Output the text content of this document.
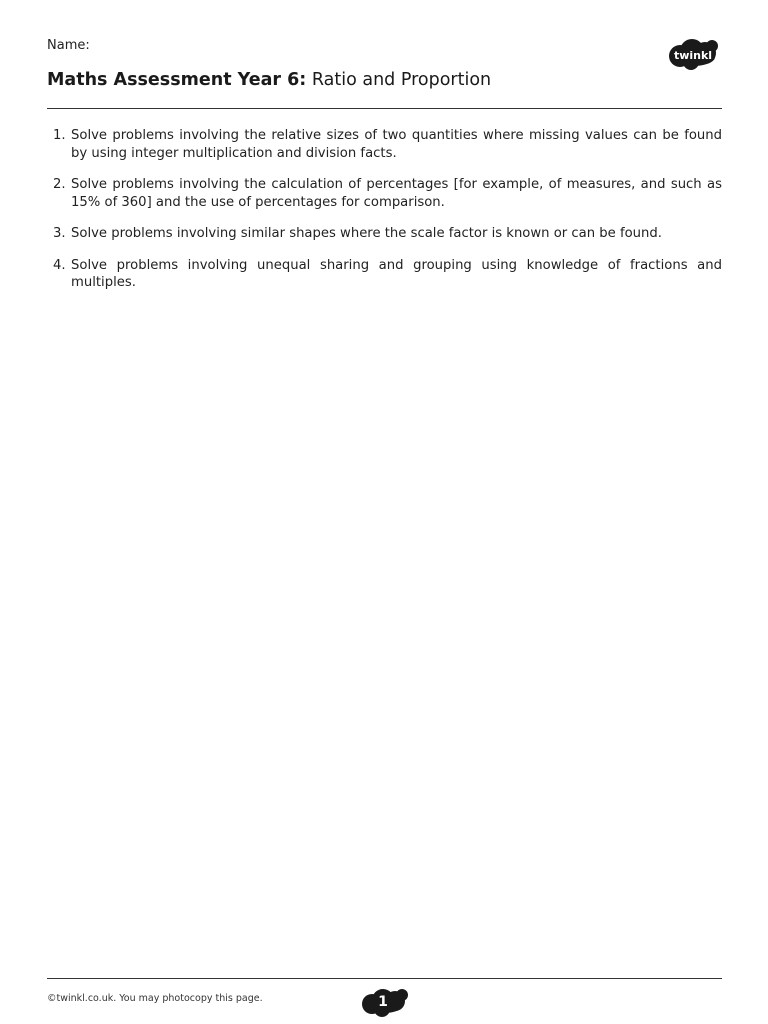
Name:
twinkl
Maths Assessment Year 6: Ratio and Proportion
1. Solve problems involving the relative sizes of two quantities where missing values can be found by using integer multiplication and division facts.
2. Solve problems involving the calculation of percentages [for example, of measures, and such as 15% of 360] and the use of percentages for comparison.
3. Solve problems involving similar shapes where the scale factor is known or can be found.
4. Solve problems involving unequal sharing and grouping using knowledge of fractions and multiples.
©twinkl.co.uk. You may photocopy this page.	1
